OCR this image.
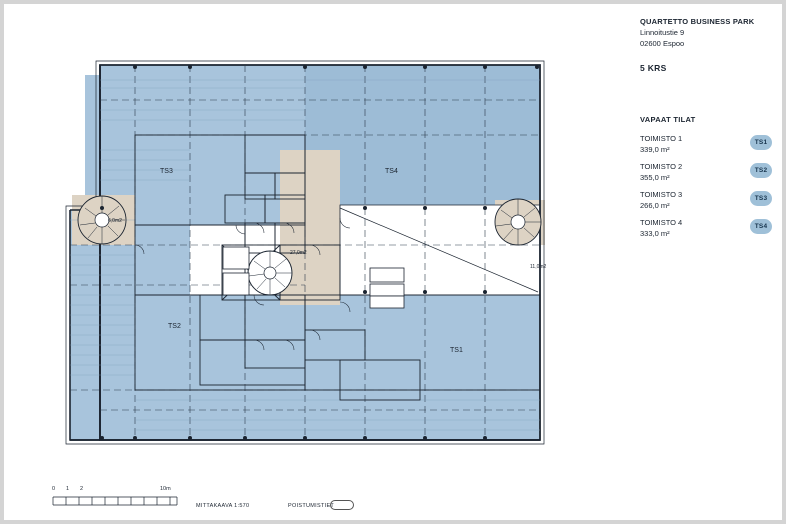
TS3	TS4
TS2
TS1
6,0m2
27,0m2
11,0m2
QUARTETTO BUSINESS PARK
Linnoitustie 9
02600 Espoo
5 KRS
VAPAAT TILAT
TOIMISTO 1
339,0 m²
TS1
TOIMISTO 2
355,0 m²
TS2
TOIMISTO 3
266,0 m²
TS3
TOIMISTO 4
333,0 m²
TS4
0 1 2	10m
MITTAKAAVA 1:570	POISTUMISTIET
